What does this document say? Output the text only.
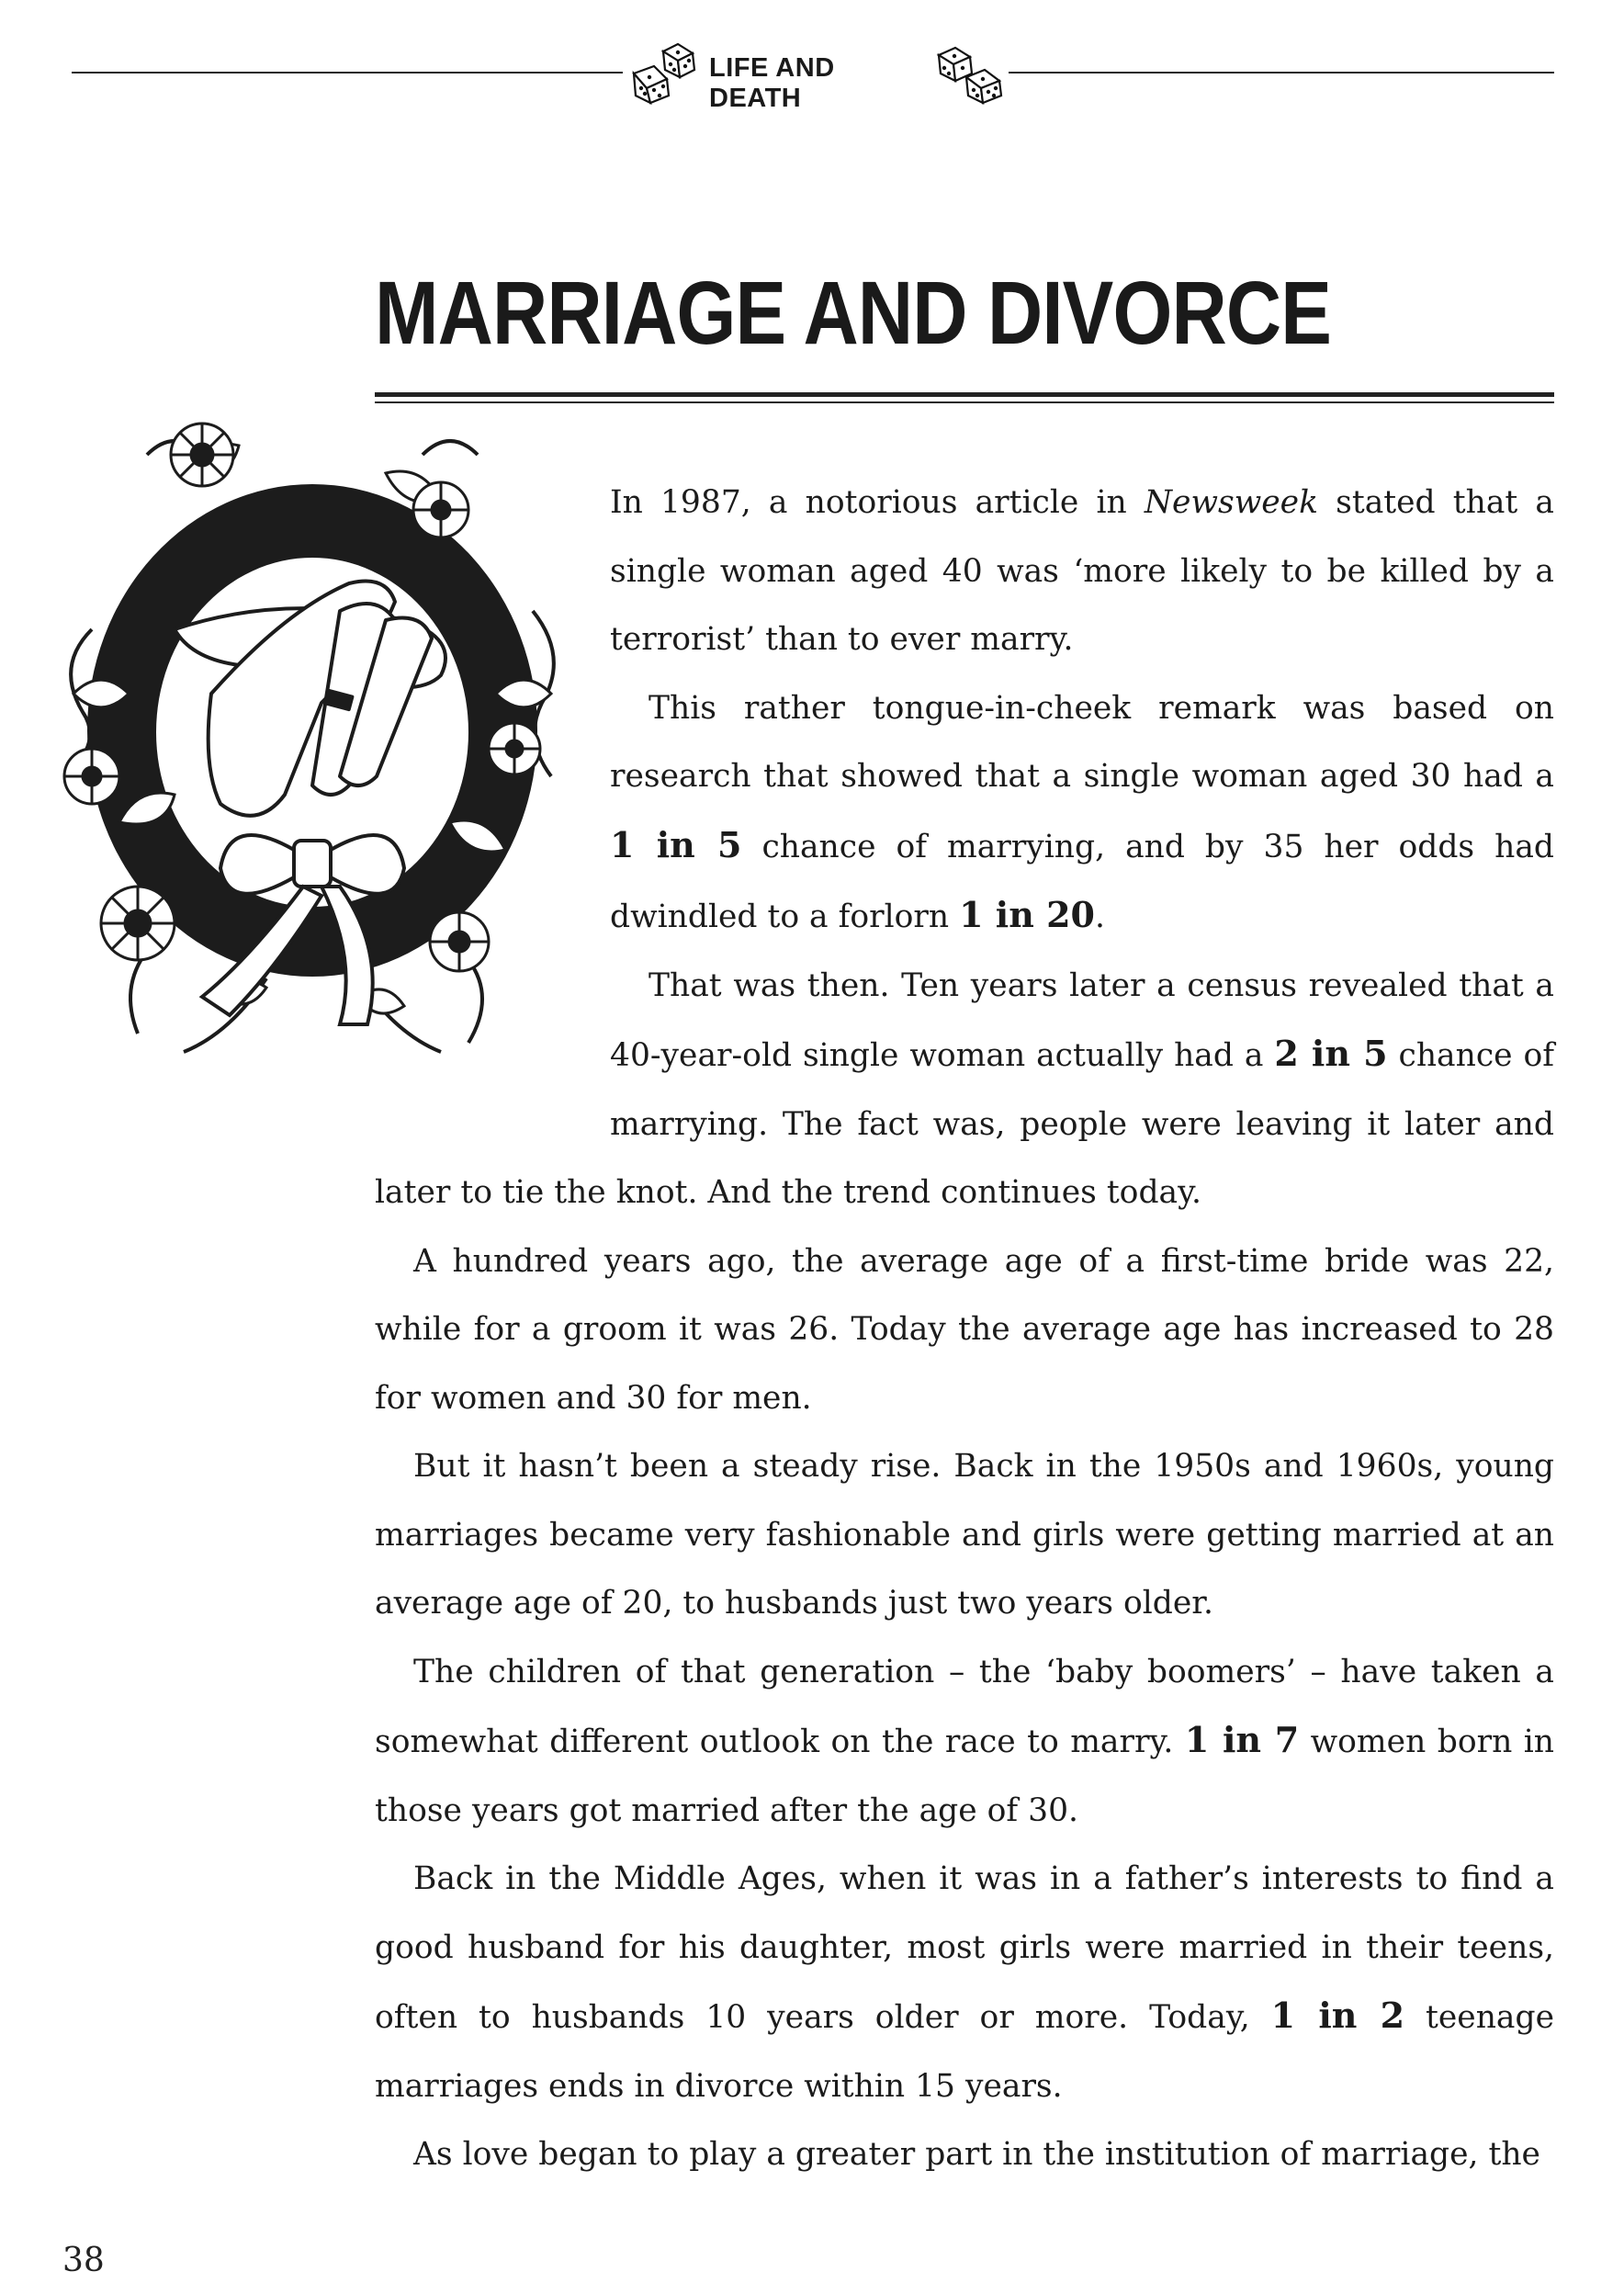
LIFE AND DEATH
MARRIAGE AND DIVORCE

In 1987, a notorious article in Newsweek stated that a single woman aged 40 was ‘more likely to be killed by a terrorist’ than to ever marry.

This rather tongue-in-cheek remark was based on research that showed that a single woman aged 30 had a 1 in 5 chance of marrying, and by 35 her odds had dwindled to a forlorn 1 in 20.

That was then. Ten years later a census revealed that a 40-year-old single woman actually had a 2 in 5 chance of marrying. The fact was, people were leaving it later and later to tie the knot. And the trend continues today.

A hundred years ago, the average age of a first-time bride was 22, while for a groom it was 26. Today the average age has increased to 28 for women and 30 for men.

But it hasn’t been a steady rise. Back in the 1950s and 1960s, young marriages became very fashionable and girls were getting married at an average age of 20, to husbands just two years older.

The children of that generation – the ‘baby boomers’ – have taken a somewhat different outlook on the race to marry. 1 in 7 women born in those years got married after the age of 30.

Back in the Middle Ages, when it was in a father’s interests to find a good husband for his daughter, most girls were married in their teens, often to husbands 10 years older or more. Today, 1 in 2 teenage marriages ends in divorce within 15 years.

As love began to play a greater part in the institution of marriage, the

38
